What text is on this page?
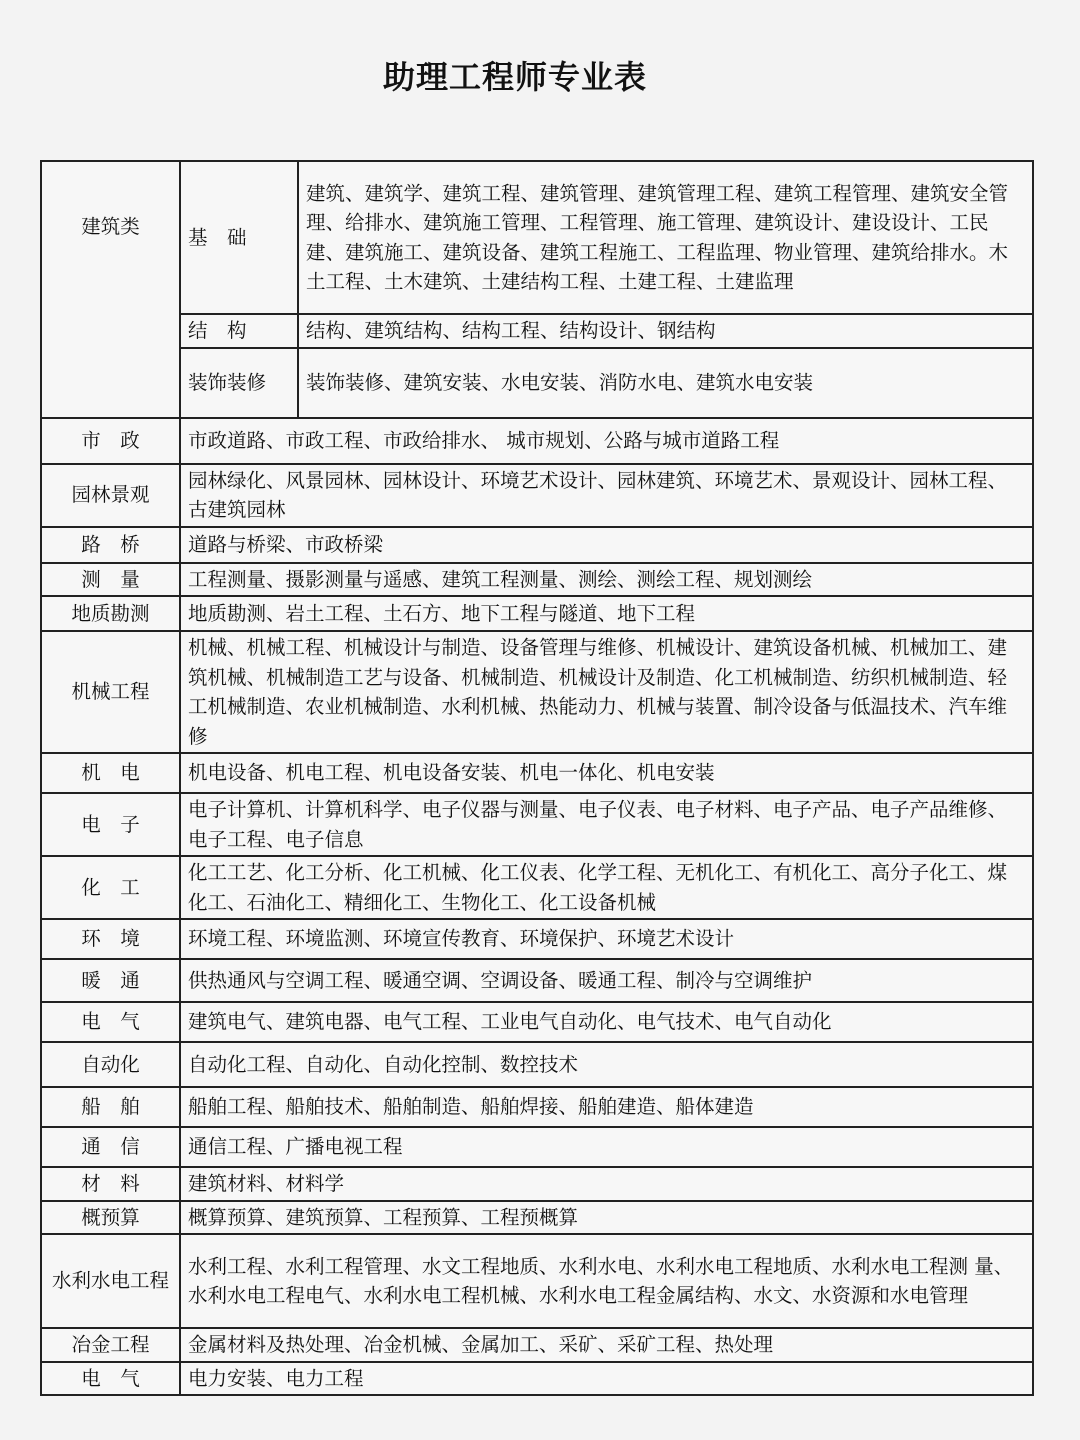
助理工程师专业表
建筑类	基　础	建筑、建筑学、建筑工程、建筑管理、建筑管理工程、建筑工程管理、建筑安全管理、给排水、建筑施工管理、工程管理、施工管理、建筑设计、建设设计、工民建、建筑施工、建筑设备、建筑工程施工、工程监理、物业管理、建筑给排水。木土工程、土木建筑、土建结构工程、土建工程、土建监理
	结　构	结构、建筑结构、结构工程、结构设计、钢结构
	装饰装修	装饰装修、建筑安装、水电安装、消防水电、建筑水电安装
市　政	市政道路、市政工程、市政给排水、 城市规划、公路与城市道路工程	
园林景观	园林绿化、风景园林、园林设计、环境艺术设计、园林建筑、环境艺术、景观设计、园林工程、古建筑园林	
路　桥	道路与桥梁、市政桥梁	
测　量	工程测量、摄影测量与遥感、建筑工程测量、测绘、测绘工程、规划测绘	
地质勘测	地质勘测、岩土工程、土石方、地下工程与隧道、地下工程	
机械工程	机械、机械工程、机械设计与制造、设备管理与维修、机械设计、建筑设备机械、机械加工、建筑机械、机械制造工艺与设备、机械制造、机械设计及制造、化工机械制造、纺织机械制造、轻工机械制造、农业机械制造、水利机械、热能动力、机械与装置、制冷设备与低温技术、汽车维修	
机　电	机电设备、机电工程、机电设备安装、机电一体化、机电安装	
电　子	电子计算机、计算机科学、电子仪器与测量、电子仪表、电子材料、电子产品、电子产品维修、电子工程、电子信息	
化　工	化工工艺、化工分析、化工机械、化工仪表、化学工程、无机化工、有机化工、高分子化工、煤化工、石油化工、精细化工、生物化工、化工设备机械	
环　境	环境工程、环境监测、环境宣传教育、环境保护、环境艺术设计	
暖　通	供热通风与空调工程、暖通空调、空调设备、暖通工程、制冷与空调维护	
电　气	建筑电气、建筑电器、电气工程、工业电气自动化、电气技术、电气自动化	
自动化	自动化工程、自动化、自动化控制、数控技术	
船　舶	船舶工程、船舶技术、船舶制造、船舶焊接、船舶建造、船体建造	
通　信	通信工程、广播电视工程	
材　料	建筑材料、材料学	
概预算	概算预算、建筑预算、工程预算、工程预概算	
水利水电工程	水利工程、水利工程管理、水文工程地质、水利水电、水利水电工程地质、水利水电工程测 量、水利水电工程电气、水利水电工程机械、水利水电工程金属结构、水文、水资源和水电管理	
冶金工程	金属材料及热处理、冶金机械、金属加工、采矿、采矿工程、热处理	
电　气	电力安装、电力工程	
